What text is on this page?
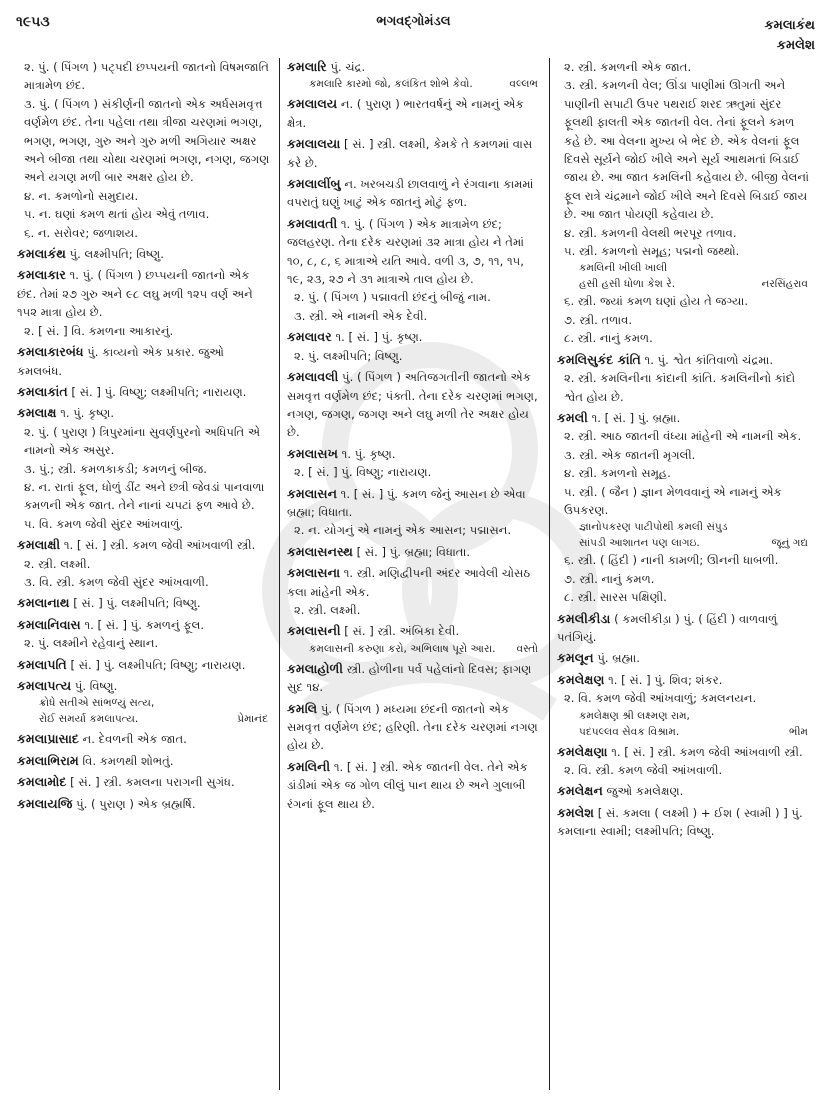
૧૯૫૩	ભગવદ્ગોમંડલ	કમલાકંથ
કમલેશ
૨. પું. ( પિંગળ ) પટ્પદી છપ્પયની જાતનો વિષમજાતિ માત્રામેળ છંદ.
૩. પું. ( પિંગળ ) સંકીર્ણની જાતનો એક અર્ધસમવૃત્ત વર્ણમેળ છંદ. તેના પહેલા તથા ત્રીજા ચરણમાં ભગણ, ભગણ, ભગણ, ગુરુ અને ગુરુ મળી અગિયાર અક્ષર અને બીજા તથા ચોથા ચરણમાં ભગણ, નગણ, જગણ અને યગણ મળી બાર અક્ષર હોય છે.
૪. ન. કમળોનો સમુદાય.
૫. ન. ઘણાં કમળ થતાં હોય એવું તળાવ.
૬. ન. સરોવર; જળાશય.
કમલાકંથ પું. લક્ષ્મીપતિ; વિષ્ણુ.
કમલાકાર ૧. પું. ( પિંગળ ) છપ્પયની જાતનો એક છંદ. તેમાં ૨૭ ગુરુ અને ૯૮ લઘુ મળી ૧૨૫ વર્ણ અને ૧૫૨ માત્રા હોય છે.
૨. [ સં. ] વિ. કમળના આકારનું.
કમલાકારબંધ પું. કાવ્યનો એક પ્રકાર. જુઓ કમલબંધ.
કમલાકાંત [ સં. ] પું. વિષ્ણુ; લક્ષ્મીપતિ; નારાયણ.
કમલાક્ષ ૧. પું. કૃષ્ણ.
૨. પું. ( પુરાણ ) ત્રિપુરમાંના સુવર્ણપુરનો અધિપતિ એ નામનો એક અસુર.
૩. પું.; સ્ત્રી. કમળકાકડી; કમળનું બીજ.
૪. ન. રાતાં ફૂલ, ધોળું ડીંટ અને છત્રી જેવડાં પાનવાળા કમળની એક જાત. તેને નાનાં ચપટાં ફળ આવે છે.
૫. વિ. કમળ જેવી સુંદર આંખવાળું.
કમલાક્ષી ૧. [ સં. ] સ્ત્રી. કમળ જેવી આંખવાળી સ્ત્રી.
૨. સ્ત્રી. લક્ષ્મી.
૩. વિ. સ્ત્રી. કમળ જેવી સુંદર આંખવાળી.
કમલાનાથ [ સં. ] પું. લક્ષ્મીપતિ; વિષ્ણુ.
કમલાનિવાસ ૧. [ સં. ] પું. કમળનું ફૂલ.
૨. પું. લક્ષ્મીને રહેવાનું સ્થાન.
કમલાપતિ [ સં. ] પું. લક્ષ્મીપતિ; વિષ્ણુ; નારાયણ.
કમલાપત્ય પું. વિષ્ણુ.
ક્રોધે સતીએ સાંભળ્યું સત્ય,
રોઈ સમર્યા કમલાપત્ય.	પ્રેમાનંદ
કમલાપ્રાસાદ ન. દેવળની એક જાત.
કમલાભિરામ વિ. કમળથી શોભતું.
કમલામોદ [ સં. ] સ્ત્રી. કમલના પરાગની સુગંધ.
કમલાયજિ પું. ( પુરાણ ) એક બ્રહ્મર્ષિ.
કમલારિ પું. ચંદ્ર.
કમલારિ કારમો જો, કલંકિત શોભે કેવો.	વલ્લભ
કમલાલય ન. ( પુરાણ ) ભારતવર્ષનું એ નામનું એક ક્ષેત્ર.
કમલાલયા [ સં. ] સ્ત્રી. લક્ષ્મી, કેમકે તે કમળમાં વાસ કરે છે.
કમલાલીંબુ ન. ખરબચડી છાલવાળું ને રંગવાના કામમાં વપરાતું ઘણું ખાટું એક જાતનું મોટું ફળ.
કમલાવતી ૧. પું. ( પિંગળ ) એક માત્રામેળ છંદ; જલહરણ. તેના દરેક ચરણમાં ૩૨ માત્રા હોય ને તેમાં ૧૦, ૮, ૮, ૬ માત્રાએ યતિ આવે. વળી ૩, ૭, ૧૧, ૧૫, ૧૯, ૨૩, ૨૭ ને ૩૧ માત્રાએ તાલ હોય છે.
૨. પું. ( પિંગળ ) પદ્માવતી છંદનું બીજું નામ.
૩. સ્ત્રી. એ નામની એક દેવી.
કમલાવર ૧. [ સં. ] પું. કૃષ્ણ.
૨. પું. લક્ષ્મીપતિ; વિષ્ણુ.
કમલાવલી પું. ( પિંગળ ) અતિજગતીની જાતનો એક સમવૃત્ત વર્ણમેળ છંદ; પંક્તી. તેના દરેક ચરણમાં ભગણ, નગણ, જગણ, જગણ અને લઘુ મળી તેર અક્ષર હોય છે.
કમલાસખ ૧. પું. કૃષ્ણ.
૨. [ સં. ] પું. વિષ્ણુ; નારાયણ.
કમલાસન ૧. [ સં. ] પું. કમળ જેનું આસન છે એવા બ્રહ્મા; વિધાતા.
૨. ન. યોગનું એ નામનું એક આસન; પદ્માસન.
કમલાસનસ્થ [ સં. ] પું. બ્રહ્મા; વિધાતા.
કમલાસના ૧. સ્ત્રી. મણિદ્વીપની અંદર આવેલી ચોસઠ કલા માંહેની એક.
૨. સ્ત્રી. લક્ષ્મી.
કમલાસની [ સં. ] સ્ત્રી. અંબિકા દેવી.
કમલાસની કરુણા કરો, અભિલાષ પૂરો આરા. વસ્તો
કમલાહોળી સ્ત્રી. હોળીના પર્વ પહેલાંનો દિવસ; ફાગણ સુદ ૧૪.
કમલિ પું. ( પિંગળ ) મધ્યમા છંદની જાતનો એક સમવૃત્ત વર્ણમેળ છંદ; હરિણી. તેના દરેક ચરણમાં નગણ હોય છે.
કમલિની ૧. [ સં. ] સ્ત્રી. એક જાતની વેલ. તેને એક ડાંડીમાં એક જ ગોળ લીલું પાન થાય છે અને ગુલાબી રંગનાં ફૂલ થાય છે.
૨. સ્ત્રી. કમળની એક જાત.
૩. સ્ત્રી. કમળની વેલ; ઊંડા પાણીમાં ઊગતી અને પાણીની સપાટી ઉપર પથરાઈ શરદ ઋતુમાં સુંદર ફૂલથી ફાલતી એક જાતની વેલ. તેનાં ફૂલને કમળ કહે છે. આ વેલના મુખ્ય બે ભેદ છે. એક વેલનાં ફૂલ દિવસે સૂર્યને જોઈ ખીલે અને સૂર્ય આથમતાં બિડાઈ જાય છે. આ જાત કમલિની કહેવાય છે. બીજી વેલનાં ફૂલ રાત્રે ચંદ્રમાને જોઈ ખીલે અને દિવસે બિડાઈ જાય છે. આ જાત પોયણી કહેવાય છે.
૪. સ્ત્રી. કમળની વેલથી ભરપૂર તળાવ.
૫. સ્ત્રી. કમળનો સમૂહ; પદ્મનો જથ્થો.
કમલિની ખીલી ખાલી
હસી હસી ધોળા કેશ રે.	નરસિંહરાવ
૬. સ્ત્રી. જ્યાં કમળ ઘણાં હોય તે જગ્યા.
૭. સ્ત્રી. તળાવ.
૮. સ્ત્રી. નાનું કમળ.
કમલિસુકંદ કાંતિ ૧. પું. શ્વેત કાંતિવાળો ચંદ્રમા.
૨. સ્ત્રી. કમલિનીના કાંદાની કાંતિ. કમલિનીનો કાંદો શ્વેત હોય છે.
કમલી ૧. [ સં. ] પું. બ્રહ્મા.
૨. સ્ત્રી. આઠ જાતની વંધ્યા માંહેની એ નામની એક.
૩. સ્ત્રી. એક જાતની મૃગલી.
૪. સ્ત્રી. કમળનો સમૂહ.
૫. સ્ત્રી. ( જૈન ) જ્ઞાન મેળવવાનું એ નામનું એક ઉપકરણ.
જ્ઞાનોપકરણ પાટીપોથી કમલી સંપુડ
સાંપડી આશાતન પણ લાગઇ.	જૂનું ગદ્ય
૬. સ્ત્રી. ( હિંદી ) નાની કામળી; ઊનની ધાબળી.
૭. સ્ત્રી. નાનું કમળ.
૮. સ્ત્રી. સારસ પક્ષિણી.
કમલીકીડા ( કમલીકીડ઼ા ) પું. ( હિંદી ) વાળવાળું પતંગિયું.
કમલૂન પું. બ્રહ્મા.
કમલેક્ષણ ૧. [ સં. ] પું. શિવ; શંકર.
૨. વિ. કમળ જેવી આંખવાળું; કમલનયન.
કમલેક્ષણ શ્રી લક્ષ્મણ રામ,
પદપલ્લવ સેવક વિશ્રામ.	ભીમ
કમલેક્ષણા ૧. [ સં. ] સ્ત્રી. કમળ જેવી આંખવાળી સ્ત્રી.
૨. વિ. સ્ત્રી. કમળ જેવી આંખવાળી.
કમલેક્ષન જુઓ કમલેક્ષણ.
કમલેશ [ સં. કમલા ( લક્ષ્મી ) + ઈશ ( સ્વામી ) ] પું. કમલાના સ્વામી; લક્ષ્મીપતિ; વિષ્ણુ.
